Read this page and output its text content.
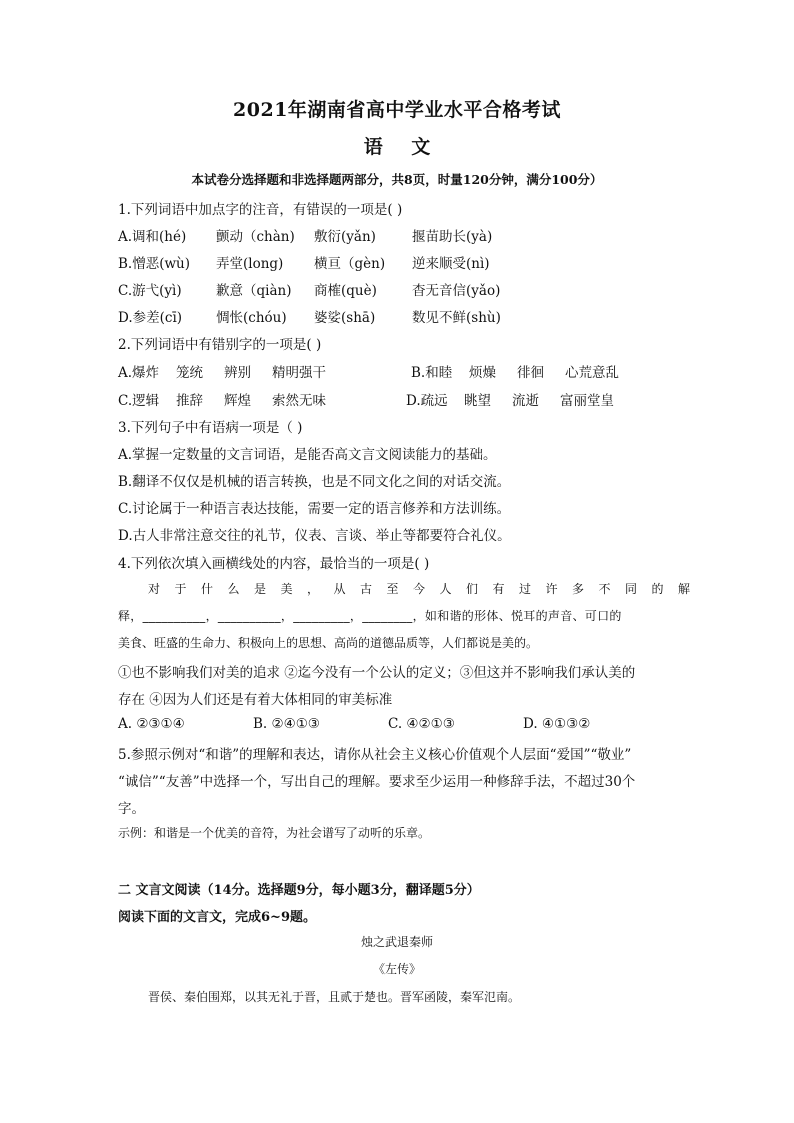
2021年湖南省高中学业水平合格考试
语 文
本试卷分选择题和非选择题两部分，共8页，时量120分钟，满分100分）
1.下列词语中加点字的注音，有错误的一项是( )
A.调和(hé) 颤动（chàn) 敷衍(yǎn)	揠苗助长(yà)
B.憎恶(wù) 弄堂(long) 横亘（gèn) 逆来顺受(nì)
C.游弋(yì)	歉意（qiàn) 商榷(què)	杳无音信(yǎo)
D.参差(cī)	惆怅(chóu) 婆娑(shā)	数见不鲜(shù)
2.下列词语中有错别字的一项是( )
A.爆炸 笼统 辨别 精明强干	B.和睦 烦燥 徘徊 心荒意乱
C.逻辑 推辞 辉煌 索然无味	D.疏远 眺望 流逝 富丽堂皇
3.下列句子中有语病一项是（ )
A.掌握一定数量的文言词语，是能否高文言文阅读能力的基础。
B.翻译不仅仅是机械的语言转换，也是不同文化之间的对话交流。
C.讨论属于一种语言表达技能，需要一定的语言修养和方法训练。
D.古人非常注意交往的礼节，仪表、言谈、举止等都要符合礼仪。
4.下列依次填入画横线处的内容，最恰当的一项是( )
对于什么是美，从古至今人们有过许多不同的解
释，__________，__________，_________，________，如和谐的形体、悦耳的声音、可口的
美食、旺盛的生命力、积极向上的思想、高尚的道德品质等，人们都说是美的。
①也不影响我们对美的追求 ②迄今没有一个公认的定义；③但这并不影响我们承认美的
存在 ④因为人们还是有着大体相同的审美标准
A. ②③①④	B. ②④①③	C. ④②①③	D. ④①③②
5.参照示例对“和谐”的理解和表达，请你从社会主义核心价值观个人层面“爱国”“敬业”
“诚信”“友善”中选择一个，写出自己的理解。要求至少运用一种修辞手法，不超过30个
字。
示例：和谐是一个优美的音符，为社会谱写了动听的乐章。
二 文言文阅读（14分。选择题9分，每小题3分，翻译题5分）
阅读下面的文言文，完成6~9题。
烛之武退秦师
《左传》
晋侯、秦伯围郑，以其无礼于晋，且贰于楚也。晋军函陵，秦军氾南。
